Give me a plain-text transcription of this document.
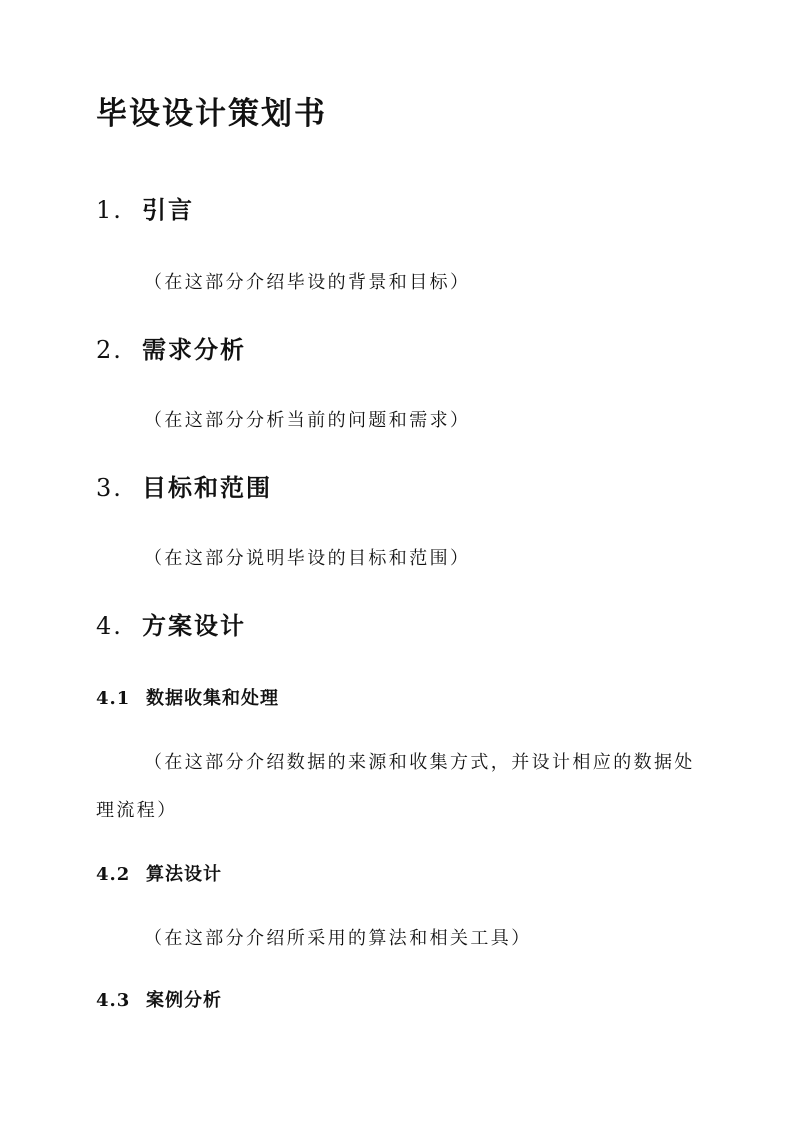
毕设设计策划书
1. 引言
（在这部分介绍毕设的背景和目标）
2. 需求分析
（在这部分分析当前的问题和需求）
3. 目标和范围
（在这部分说明毕设的目标和范围）
4. 方案设计
4.1 数据收集和处理
（在这部分介绍数据的来源和收集方式，并设计相应的数据处
理流程）
4.2 算法设计
（在这部分介绍所采用的算法和相关工具）
4.3 案例分析
